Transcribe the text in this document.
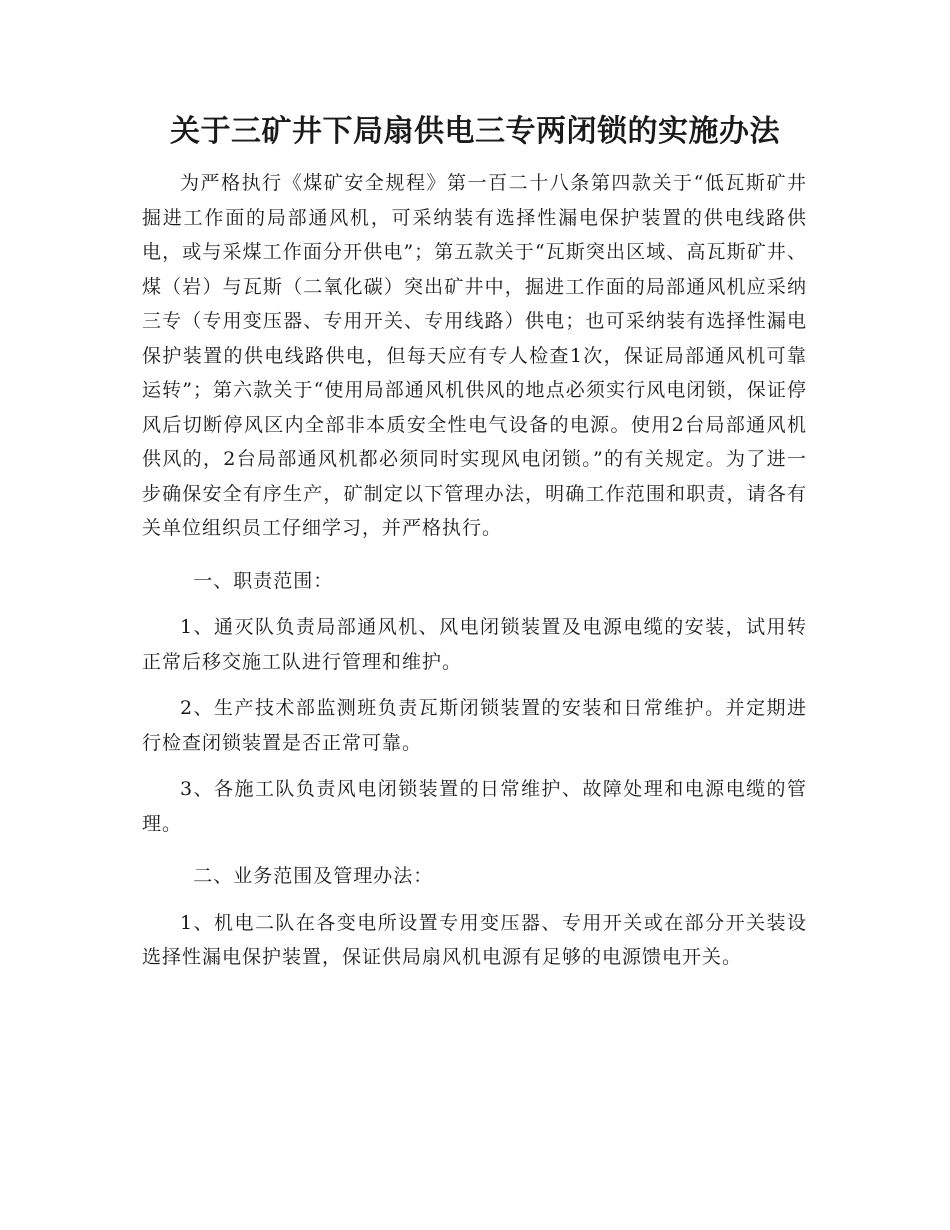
关于三矿井下局扇供电三专两闭锁的实施办法

为严格执行《煤矿安全规程》第一百二十八条第四款关于“低瓦斯矿井掘进工作面的局部通风机，可采纳装有选择性漏电保护装置的供电线路供电，或与采煤工作面分开供电”；第五款关于“瓦斯突出区域、高瓦斯矿井、煤（岩）与瓦斯（二氧化碳）突出矿井中，掘进工作面的局部通风机应采纳三专（专用变压器、专用开关、专用线路）供电；也可采纳装有选择性漏电保护装置的供电线路供电，但每天应有专人检查1次，保证局部通风机可靠运转”；第六款关于“使用局部通风机供风的地点必须实行风电闭锁，保证停风后切断停风区内全部非本质安全性电气设备的电源。使用2台局部通风机供风的，2台局部通风机都必须同时实现风电闭锁。”的有关规定。为了进一步确保安全有序生产，矿制定以下管理办法，明确工作范围和职责，请各有关单位组织员工仔细学习，并严格执行。

一、职责范围：

1、通灭队负责局部通风机、风电闭锁装置及电源电缆的安装，试用转正常后移交施工队进行管理和维护。

2、生产技术部监测班负责瓦斯闭锁装置的安装和日常维护。并定期进行检查闭锁装置是否正常可靠。

3、各施工队负责风电闭锁装置的日常维护、故障处理和电源电缆的管理。

二、业务范围及管理办法：

1、机电二队在各变电所设置专用变压器、专用开关或在部分开关装设选择性漏电保护装置，保证供局扇风机电源有足够的电源馈电开关。
